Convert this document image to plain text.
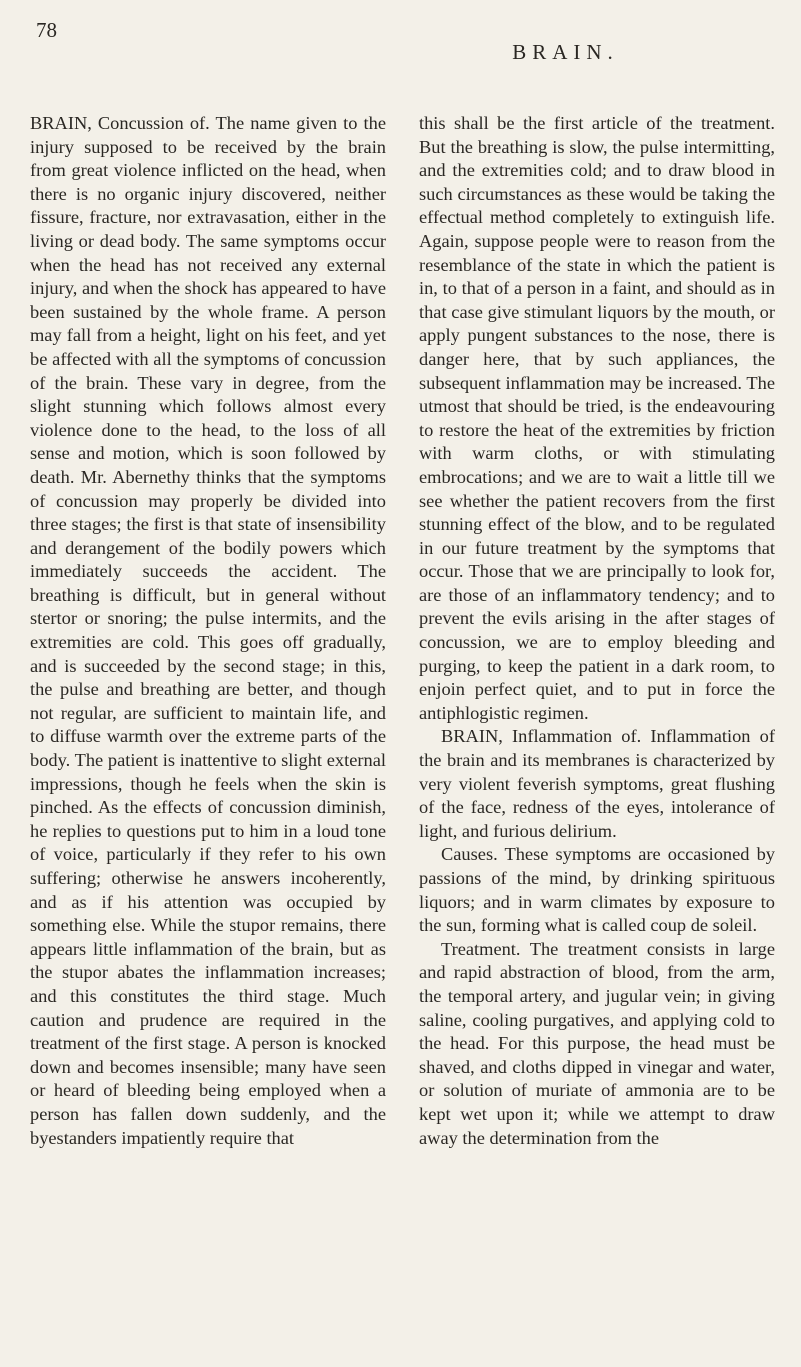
78
BRAIN.

BRAIN, Concussion of. The name given to the injury supposed to be received by the brain from great violence inflicted on the head, when there is no organic injury discovered, neither fissure, fracture, nor extravasation, either in the living or dead body. The same symptoms occur when the head has not received any external injury, and when the shock has appeared to have been sustained by the whole frame. A person may fall from a height, light on his feet, and yet be affected with all the symptoms of concussion of the brain. These vary in degree, from the slight stunning which follows almost every violence done to the head, to the loss of all sense and motion, which is soon followed by death. Mr. Abernethy thinks that the symptoms of concussion may properly be divided into three stages; the first is that state of insensibility and derangement of the bodily powers which immediately succeeds the accident. The breathing is difficult, but in general without stertor or snoring; the pulse intermits, and the extremities are cold. This goes off gradually, and is succeeded by the second stage; in this, the pulse and breathing are better, and though not regular, are sufficient to maintain life, and to diffuse warmth over the extreme parts of the body. The patient is inattentive to slight external impressions, though he feels when the skin is pinched. As the effects of concussion diminish, he replies to questions put to him in a loud tone of voice, particularly if they refer to his own suffering; otherwise he answers incoherently, and as if his attention was occupied by something else. While the stupor remains, there appears little inflammation of the brain, but as the stupor abates the inflammation increases; and this constitutes the third stage. Much caution and prudence are required in the treatment of the first stage. A person is knocked down and becomes insensible; many have seen or heard of bleeding being employed when a person has fallen down suddenly, and the byestanders impatiently require that

this shall be the first article of the treatment. But the breathing is slow, the pulse intermitting, and the extremities cold; and to draw blood in such circumstances as these would be taking the effectual method completely to extinguish life. Again, suppose people were to reason from the resemblance of the state in which the patient is in, to that of a person in a faint, and should as in that case give stimulant liquors by the mouth, or apply pungent substances to the nose, there is danger here, that by such appliances, the subsequent inflammation may be increased. The utmost that should be tried, is the endeavouring to restore the heat of the extremities by friction with warm cloths, or with stimulating embrocations; and we are to wait a little till we see whether the patient recovers from the first stunning effect of the blow, and to be regulated in our future treatment by the symptoms that occur. Those that we are principally to look for, are those of an inflammatory tendency; and to prevent the evils arising in the after stages of concussion, we are to employ bleeding and purging, to keep the patient in a dark room, to enjoin perfect quiet, and to put in force the antiphlogistic regimen.

BRAIN, Inflammation of. Inflammation of the brain and its membranes is characterized by very violent feverish symptoms, great flushing of the face, redness of the eyes, intolerance of light, and furious delirium.

Causes. These symptoms are occasioned by passions of the mind, by drinking spirituous liquors; and in warm climates by exposure to the sun, forming what is called coup de soleil.

Treatment. The treatment consists in large and rapid abstraction of blood, from the arm, the temporal artery, and jugular vein; in giving saline, cooling purgatives, and applying cold to the head. For this purpose, the head must be shaved, and cloths dipped in vinegar and water, or solution of muriate of ammonia are to be kept wet upon it; while we attempt to draw away the determination from the
